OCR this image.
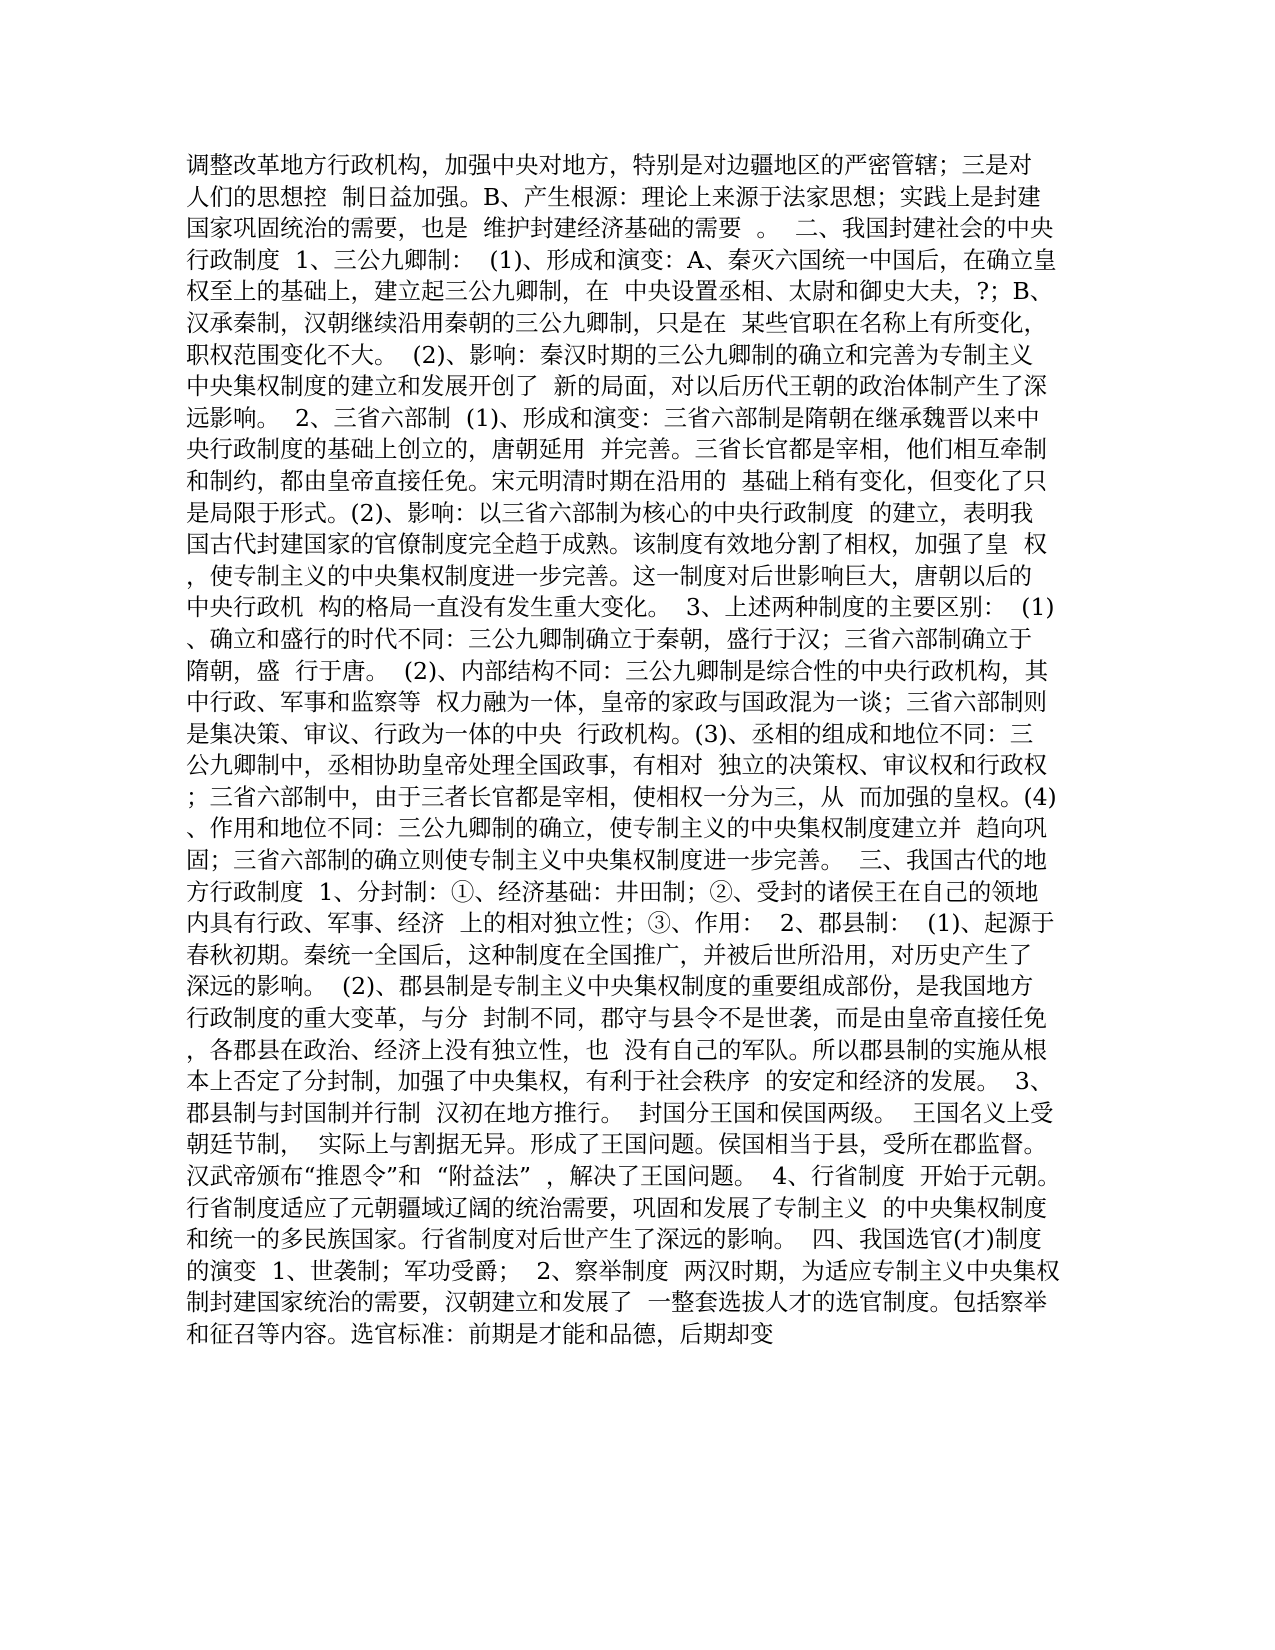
调整改革地方行政机构，加强中央对地方，特别是对边疆地区的严密管辖；三是对
人们的思想控  制日益加强。B、产生根源：理论上来源于法家思想；实践上是封建
国家巩固统治的需要，也是  维护封建经济基础的需要  。  二、我国封建社会的中央
行政制度  1、三公九卿制：  (1)、形成和演变：A、秦灭六国统一中国后，在确立皇
权至上的基础上，建立起三公九卿制，在  中央设置丞相、太尉和御史大夫，?；B、
汉承秦制，汉朝继续沿用秦朝的三公九卿制，只是在  某些官职在名称上有所变化，
职权范围变化不大。  (2)、影响：秦汉时期的三公九卿制的确立和完善为专制主义
中央集权制度的建立和发展开创了  新的局面，对以后历代王朝的政治体制产生了深
远影响。  2、三省六部制  (1)、形成和演变：三省六部制是隋朝在继承魏晋以来中
央行政制度的基础上创立的，唐朝延用  并完善。三省长官都是宰相，他们相互牵制
和制约，都由皇帝直接任免。宋元明清时期在沿用的  基础上稍有变化，但变化了只
是局限于形式。(2)、影响：以三省六部制为核心的中央行政制度  的建立，表明我
国古代封建国家的官僚制度完全趋于成熟。该制度有效地分割了相权，加强了皇  权
，使专制主义的中央集权制度进一步完善。这一制度对后世影响巨大，唐朝以后的
中央行政机  构的格局一直没有发生重大变化。  3、上述两种制度的主要区别：  (1)
、确立和盛行的时代不同：三公九卿制确立于秦朝，盛行于汉；三省六部制确立于
隋朝，盛  行于唐。  (2)、内部结构不同：三公九卿制是综合性的中央行政机构，其
中行政、军事和监察等  权力融为一体，皇帝的家政与国政混为一谈；三省六部制则
是集决策、审议、行政为一体的中央  行政机构。(3)、丞相的组成和地位不同：三
公九卿制中，丞相协助皇帝处理全国政事，有相对  独立的决策权、审议权和行政权
；三省六部制中，由于三者长官都是宰相，使相权一分为三，从  而加强的皇权。(4)
、作用和地位不同：三公九卿制的确立，使专制主义的中央集权制度建立并  趋向巩
固；三省六部制的确立则使专制主义中央集权制度进一步完善。  三、我国古代的地
方行政制度  1、分封制：①、经济基础：井田制；②、受封的诸侯王在自己的领地
内具有行政、军事、经济  上的相对独立性；③、作用：  2、郡县制：  (1)、起源于
春秋初期。秦统一全国后，这种制度在全国推广，并被后世所沿用，对历史产生了
深远的影响。  (2)、郡县制是专制主义中央集权制度的重要组成部份，是我国地方
行政制度的重大变革，与分  封制不同，郡守与县令不是世袭，而是由皇帝直接任免
，各郡县在政治、经济上没有独立性，也  没有自己的军队。所以郡县制的实施从根
本上否定了分封制，加强了中央集权，有利于社会秩序  的安定和经济的发展。  3、
郡县制与封国制并行制  汉初在地方推行。  封国分王国和侯国两级。  王国名义上受
朝廷节制，  实际上与割据无异。形成了王国问题。侯国相当于县，受所在郡监督。
汉武帝颁布“推恩令”和  “附益法”  ，解决了王国问题。  4、行省制度  开始于元朝。
行省制度适应了元朝疆域辽阔的统治需要，巩固和发展了专制主义  的中央集权制度
和统一的多民族国家。行省制度对后世产生了深远的影响。  四、我国选官(才)制度
的演变  1、世袭制；军功受爵；  2、察举制度  两汉时期，为适应专制主义中央集权
制封建国家统治的需要，汉朝建立和发展了  一整套选拔人才的选官制度。包括察举
和征召等内容。选官标准：前期是才能和品德，后期却变
